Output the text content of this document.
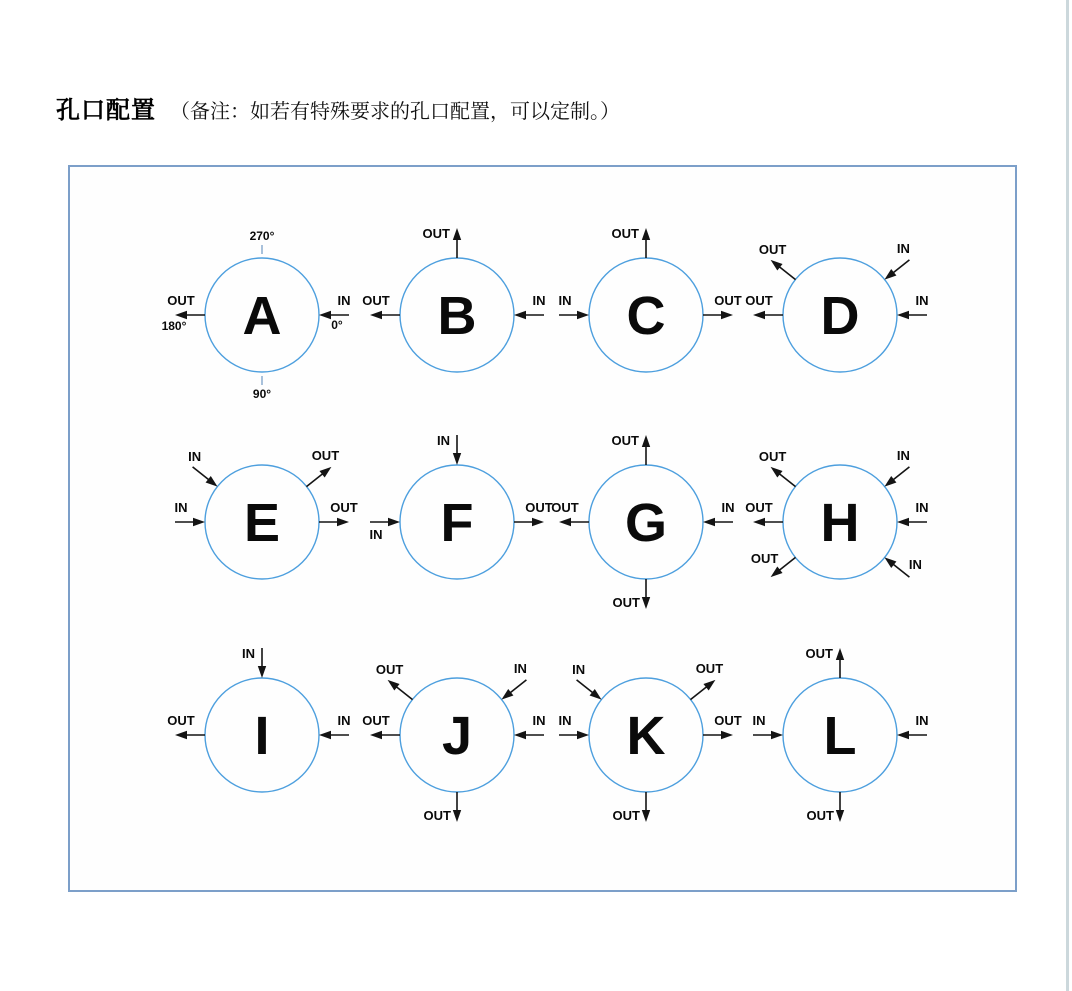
孔口配置 （备注：如若有特殊要求的孔口配置，可以定制。）
A
OUT	IN
270°
180°	0°
90°
B
OUT
OUT	IN C
OUT
IN	OUT D
OUT
OUT
IN
IN
E
IN
IN
OUT
OUT F
IN
IN
OUT G
OUT
OUT	IN
OUT
H
OUT
OUT
OUT
IN
IN
IN
I
IN
OUT	IN J
OUT
OUT
IN
IN
OUT
K
IN
IN
OUT
OUT
OUT
L
OUT
IN	IN
OUT
